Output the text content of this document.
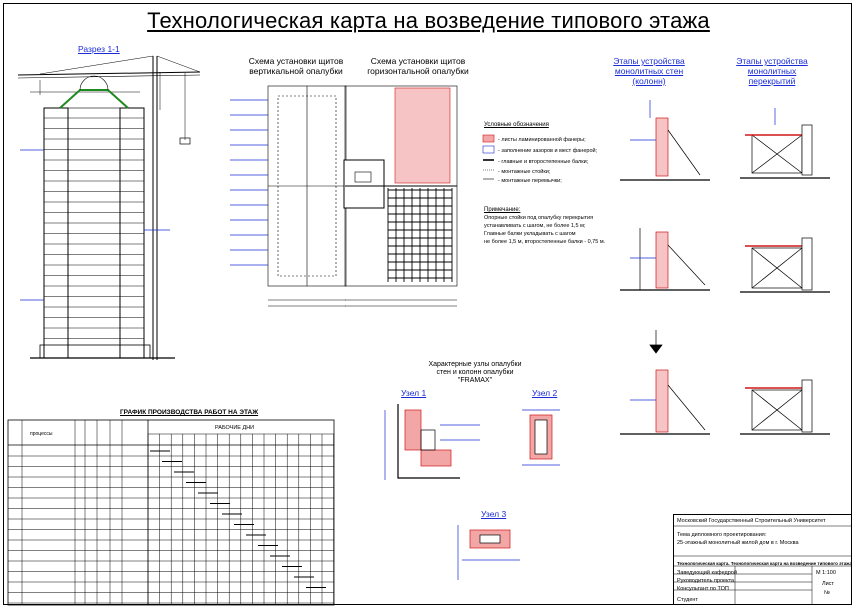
Технологическая карта на возведение типового этажа
Разрез 1-1
Схема установки щитов вертикальной опалубки
Схема установки щитов горизонтальной опалубки
Этапы устройства монолитных стен (колонн)
Этапы устройства монолитных перекрытий
Условные обозначения
- листы ламинированной фанеры;
- заполнение зазоров и мест фанерой;
- главные и второстепенные балки;
- монтажные стойки;
- монтажные перемычки;
Примечание:
Опорные стойки под опалубку перекрытия
устанавливать с шагом, не более 1,5 м;
Главные балки укладывать с шагом
не более 1,5 м, второстепенные балки - 0,75 м.
Характерные узлы опалубки
стен и колонн опалубки
"FRAMAX"
Узел 1	Узел 2
Узел 3
ГРАФИК ПРОИЗВОДСТВА РАБОТ НА ЭТАЖ
РАБОЧИЕ ДНИ
процессы
Московский Государственный Строительный Университет
Тема дипломного проектирования:
25-этажный монолитный жилой дом в г. Москва
Технологическая карта. Технологическая карта на возведение типового этажа
Заведующий кафедрой
Руководитель проекта
Консультант по ТОП
Студент
М 1:100
Лист
№
